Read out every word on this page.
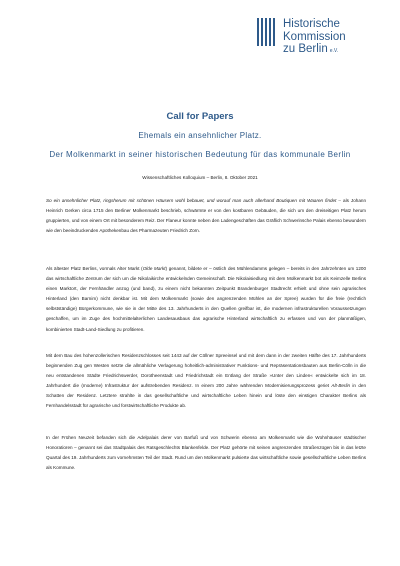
Historische
Kommission
zu Berlin e.V.
Call for Papers
Ehemals ein ansehnlicher Platz.
Der Molkenmarkt in seiner historischen Bedeutung für das kommunale Berlin
Wissenschaftliches Kolloquium – Berlin, 8. Oktober 2021
So ein ansehnlicher Platz, ringsherum mit schönen Häusern wohl bebauet, und worauf man auch allerhand Boutiquen mit Waaren findet – als Johann Heinrich Gerken circa 1715 den Berliner Molkenmarkt beschrieb, schwärmte er von den kostbaren Gebäuden, die sich um den dreiseitigen Platz herum gruppierten, und von einem Ort mit besonderem Reiz. Der Flaneur konnte neben den Ladengeschäften das Gräflich Schwerinsche Palais ebenso bewundern wie den beeindruckenden Apothekenbau des Pharmazeuten Friedrich Zorn.
Als ältester Platz Berlins, vormals Alter Markt (Olde Markt) genannt, bildete er – östlich des Mühlendamms gelegen – bereits in den Jahrzehnten um 1200 das wirtschaftliche Zentrum der sich um die Nikolaikirche entwickelnden Gemeinschaft. Die Nikolaisiedlung mit dem Molkenmarkt bot als Keimzelle Berlins einen Marktort, der Fernhändler anzog (und band), zu einem nicht bekannten Zeitpunkt Brandenburger Stadtrecht erhielt und ohne sein agrarisches Hinterland (den Barnim) nicht denkbar ist. Mit dem Molkenmarkt (sowie den angrenzenden Mühlen an der Spree) wurden für die freie (rechtlich selbstständige) Bürgerkommune, wie sie in der Mitte des 13. Jahrhunderts in den Quellen greifbar ist, die modernen infrastrukturellen Voraussetzungen geschaffen, um im Zuge des hochmittelalterlichen Landesausbaus das agrarische Hinterland wirtschaftlich zu erfassen und von der planmäßigen, kombinierten Stadt-Land-Siedlung zu profitieren.
Mit dem Bau des hohenzollerischen Residenzschlosses seit 1443 auf der Cöllner Spreeinsel und mit dem dann in der zweiten Hälfte des 17. Jahrhunderts beginnenden Zug gen Westen setzte die allmähliche Verlagerung hoheitlich-administrativer Funktions- und Repräsentationsbauten aus Berlin-Cölln in die neu entstandenen Städte Friedrichswerder, Dorotheenstadt und Friedrichstadt ein Entlang der Straße »Unter den Linden« entwickelte sich im 18. Jahrhundert die (moderne) Infrastruktur der aufstrebenden Residenz. In einem 200 Jahre währenden Modernisierungsprozess geriet Alt-Berlin in den Schatten der Residenz. Letztere strahlte in das gesellschaftliche und wirtschaftliche Leben hinein und löste den einstigen Charakter Berlins als Fernhandelsstadt für agrarische und forstwirtschaftliche Produkte ab.
In der Frühen Neuzeit befanden sich die Adelpalais derer von Barfuß und von Schwerin ebenso am Molkenmarkt wie die Wohnhäuser städtischer Honoratioren – genannt sei das Stadtpalais des Ratsgeschlechts Blankenfelde. Der Platz gehörte mit seinen angrenzenden Straßenzügen bis in das letzte Quartal des 19. Jahrhunderts zum vornehmsten Teil der Stadt. Rund um den Molkenmarkt pulsierte das wirtschaftliche sowie gesellschaftliche Leben Berlins als Kommune.
